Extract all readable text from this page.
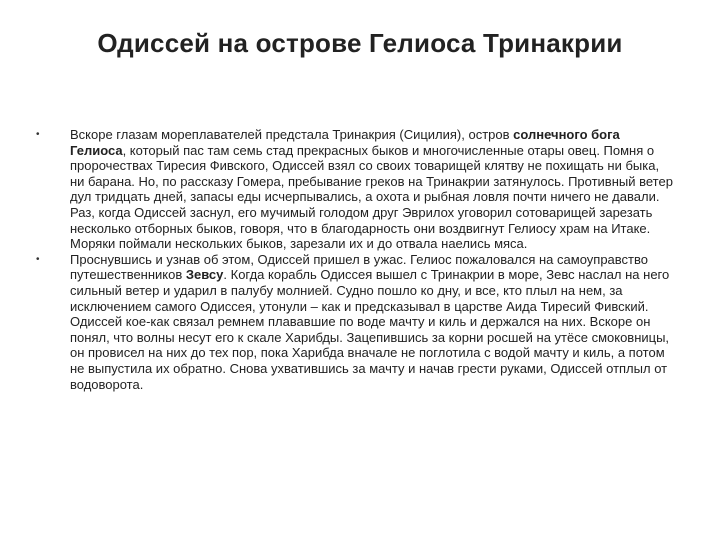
Одиссей на острове Гелиоса Тринакрии
• Вскоре глазам мореплавателей предстала Тринакрия (Сицилия), остров солнечного бога Гелиоса, который пас там семь стад прекрасных быков и многочисленные отары овец. Помня о пророчествах Тиресия Фивского, Одиссей взял со своих товарищей клятву не похищать ни быка, ни барана. Но, по рассказу Гомера, пребывание греков на Тринакрии затянулось. Противный ветер дул тридцать дней, запасы еды исчерпывались, а охота и рыбная ловля почти ничего не давали. Раз, когда Одиссей заснул, его мучимый голодом друг Эврилох уговорил сотоварищей зарезать несколько отборных быков, говоря, что в благодарность они воздвигнут Гелиосу храм на Итаке. Моряки поймали нескольких быков, зарезали их и до отвала наелись мяса.
• Проснувшись и узнав об этом, Одиссей пришел в ужас. Гелиос пожаловался на самоуправство путешественников Зевсу. Когда корабль Одиссея вышел с Тринакрии в море, Зевс наслал на него сильный ветер и ударил в палубу молнией. Судно пошло ко дну, и все, кто плыл на нем, за исключением самого Одиссея, утонули – как и предсказывал в царстве Аида Тиресий Фивский. Одиссей кое-как связал ремнем плававшие по воде мачту и киль и держался на них. Вскоре он понял, что волны несут его к скале Харибды. Зацепившись за корни росшей на утёсе смоковницы, он провисел на них до тех пор, пока Харибда вначале не поглотила с водой мачту и киль, а потом не выпустила их обратно. Снова ухватившись за мачту и начав грести руками, Одиссей отплыл от водоворота.
